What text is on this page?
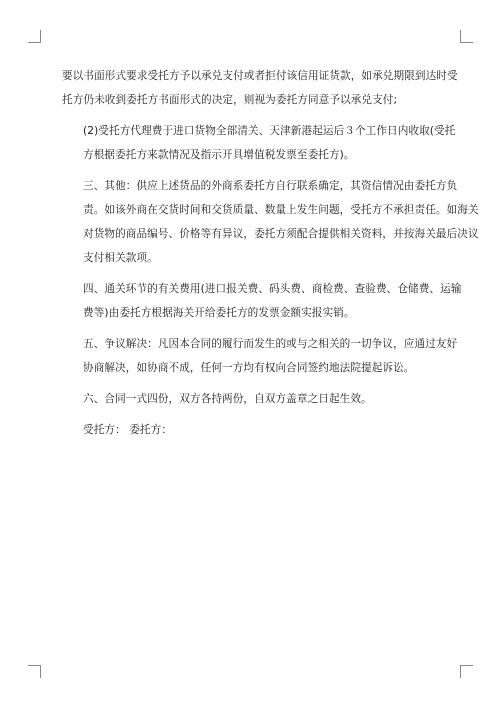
要以书面形式要求受托方予以承兑支付或者拒付该信用证货款，如承兑期限到达时受
托方仍未收到委托方书面形式的决定，则视为委托方同意予以承兑支付;

(2)受托方代理费于进口货物全部清关、天津新港起运后３个工作日内收取(受托
方根据委托方来款情况及指示开具增值税发票至委托方)。

三、其他：供应上述货品的外商系委托方自行联系确定，其资信情况由委托方负
责。如该外商在交货时间和交货质量、数量上发生问题，受托方不承担责任。如海关
对货物的商品编号、价格等有异议，委托方须配合提供相关资料，并按海关最后决议
支付相关款项。

四、通关环节的有关费用(进口报关费、码头费、商检费、查验费、仓储费、运输
费等)由委托方根据海关开给委托方的发票金额实报实销。

五、争议解决：凡因本合同的履行而发生的或与之相关的一切争议，应通过友好
协商解决，如协商不成，任何一方均有权向合同签约地法院提起诉讼。

六、合同一式四份，双方各持两份，自双方盖章之日起生效。

受托方： 委托方：
